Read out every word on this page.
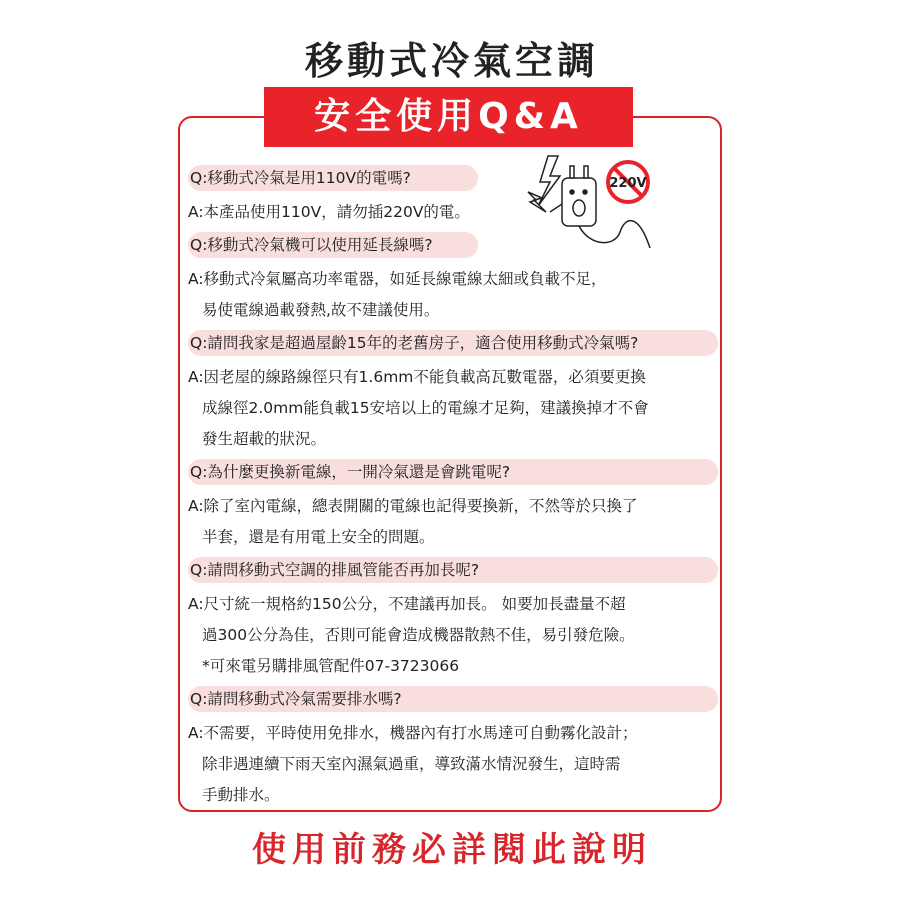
移動式冷氣空調
安全使用Q&A
220V
Q:移動式冷氣是用110V的電嗎?
A:本產品使用110V，請勿插220V的電。
Q:移動式冷氣機可以使用延長線嗎?
A:移動式冷氣屬高功率電器，如延長線電線太細或負載不足，
易使電線過載發熱,故不建議使用。
Q:請問我家是超過屋齡15年的老舊房子，適合使用移動式冷氣嗎?
A:因老屋的線路線徑只有1.6mm不能負載高瓦數電器，必須要更換
成線徑2.0mm能負載15安培以上的電線才足夠，建議換掉才不會
發生超載的狀況。
Q:為什麼更換新電線，一開冷氣還是會跳電呢?
A:除了室內電線，總表開關的電線也記得要換新，不然等於只換了
半套，還是有用電上安全的問題。
Q:請問移動式空調的排風管能否再加長呢?
A:尺寸統一規格約150公分，不建議再加長。 如要加長盡量不超
過300公分為佳，否則可能會造成機器散熱不佳，易引發危險。
*可來電另購排風管配件07-3723066
Q:請問移動式冷氣需要排水嗎?
A:不需要，平時使用免排水，機器內有打水馬達可自動霧化設計；
除非遇連續下雨天室內濕氣過重，導致滿水情況發生，這時需
手動排水。
使用前務必詳閱此說明
